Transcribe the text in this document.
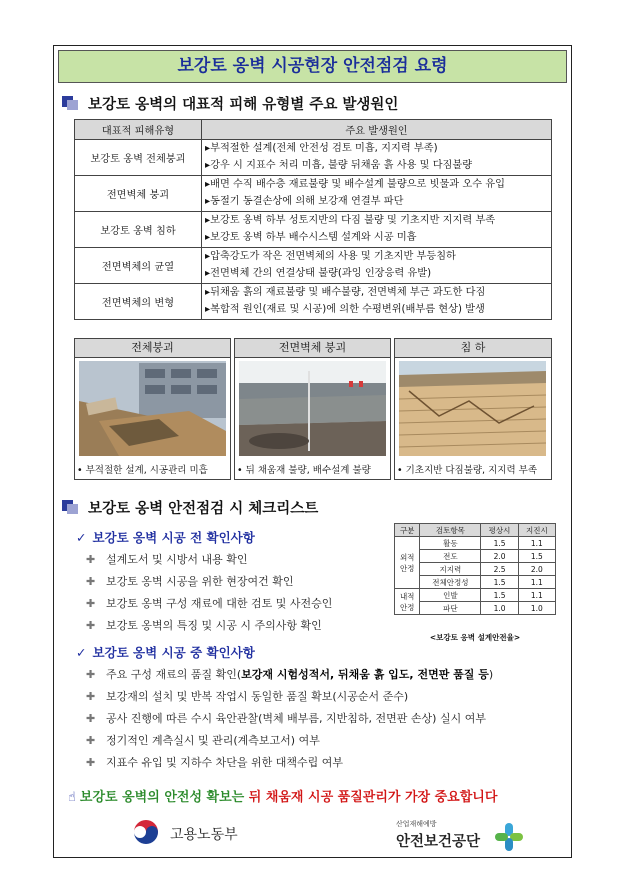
보강토 옹벽 시공현장 안전점검 요령
보강토 옹벽의 대표적 피해 유형별 주요 발생원인
대표적 피해유형	주요 발생원인
보강토 옹벽 전체붕괴	▸부적절한 설계(전체 안전성 검토 미흡, 지지력 부족)
▸강우 시 지표수 처리 미흡, 불량 뒤채움 흙 사용 및 다짐불량

전면벽체 붕괴	▸배면 수직 배수층 재료불량 및 배수설계 불량으로 빗물과 오수 유입
▸동절기 동결손상에 의해 보강재 연결부 파단

보강토 옹벽 침하	▸보강토 옹벽 하부 성토지반의 다짐 불량 및 기초지반 지지력 부족
▸보강토 옹벽 하부 배수시스템 설계와 시공 미흡

전면벽체의 균열	▸압축강도가 작은 전면벽체의 사용 및 기초지반 부등침하
▸전면벽체 간의 연결상태 불량(과잉 인장응력 유발)

전면벽체의 변형	▸뒤채움 흙의 재료불량 및 배수불량, 전면벽체 부근 과도한 다짐
▸복합적 원인(재료 및 시공)에 의한 수평변위(배부름 현상) 발생
전체붕괴
• 부적절한 설계, 시공관리 미흡
전면벽체 붕괴
• 뒤 채움재 불량, 배수설계 불량
침 하
• 기초지반 다짐불량, 지지력 부족
보강토 옹벽 안전점검 시 체크리스트
✓ 보강토 옹벽 시공 전 확인사항
✚ 설계도서 및 시방서 내용 확인
✚ 보강토 옹벽 시공을 위한 현장여건 확인
✚ 보강토 옹벽 구성 재료에 대한 검토 및 사전승인
✚ 보강토 옹벽의 특징 및 시공 시 주의사항 확인
구분	검토항목	평상시	지진시

외적
안정	활동	1.5	1.1
	전도	2.0	1.5
	지지력	2.5	2.0
	전체안정성	1.5	1.1

내적
안정	인발	1.5	1.1
	파단	1.0	1.0
<보강토 옹벽 설계안전율>
✓ 보강토 옹벽 시공 중 확인사항
✚ 주요 구성 재료의 품질 확인(보강재 시험성적서, 뒤채움 흙 입도, 전면판 품질 등)
✚ 보강재의 설치 및 반복 작업시 동일한 품질 확보(시공순서 준수)
✚ 공사 진행에 따른 수시 육안관찰(벽체 배부름, 지반침하, 전면판 손상) 실시 여부
✚ 정기적인 계측실시 및 관리(계측보고서) 여부
✚ 지표수 유입 및 지하수 차단을 위한 대책수립 여부
☝ 보강토 옹벽의 안전성 확보는 뒤 채움재 시공 품질관리가 가장 중요합니다
고용노동부
산업재해예방
안전보건공단
